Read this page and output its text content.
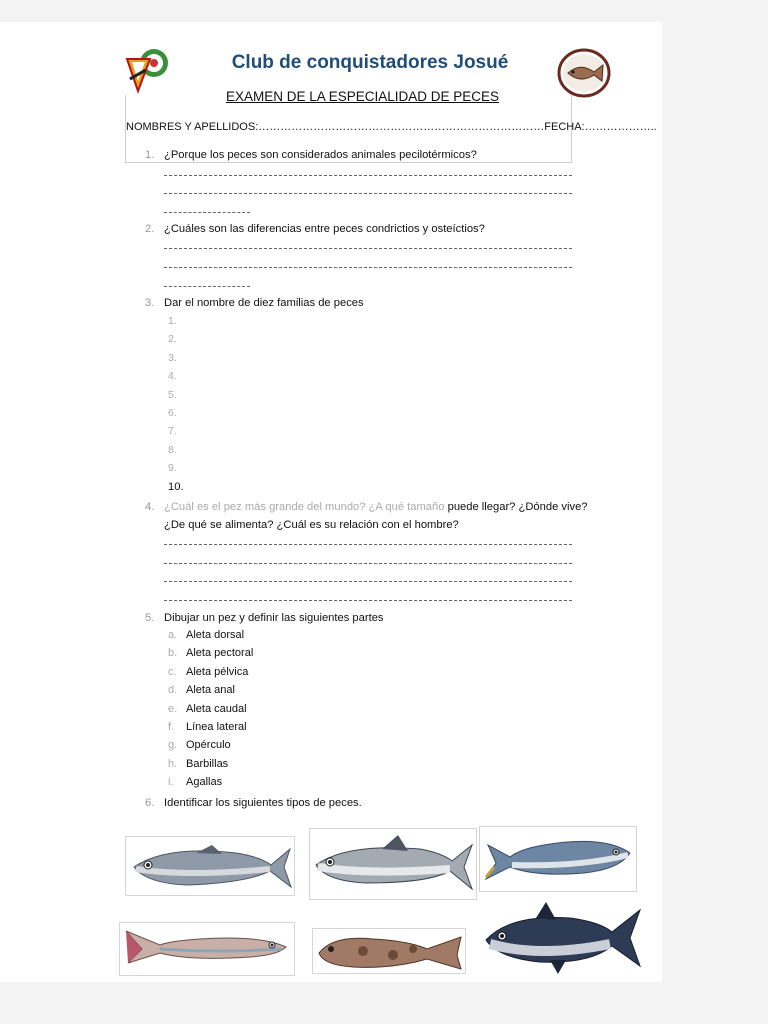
Club de conquistadores Josué
EXAMEN DE LA ESPECIALIDAD DE PECES
NOMBRES Y APELLIDOS:……………………………………………………………………FECHA:………………..
1. ¿Porque los peces son considerados animales pecilotérmicos?
2. ¿Cuáles son las diferencias entre peces condrictios y osteíctios?
3. Dar el nombre de diez familias de peces
1.
2.
3.
4.
5.
6.
7.
8.
9.
10.
4. ¿Cuál es el pez más grande del mundo? ¿A qué tamaño puede llegar? ¿Dónde vive?
¿De qué se alimenta? ¿Cuál es su relación con el hombre?
5. Dibujar un pez y definir las siguientes partes
a. Aleta dorsal
b. Aleta pectoral
c. Aleta pélvica
d. Aleta anal
e. Aleta caudal
f. Línea lateral
g. Opérculo
h. Barbillas
i. Agallas
6. Identificar los siguientes tipos de peces.
